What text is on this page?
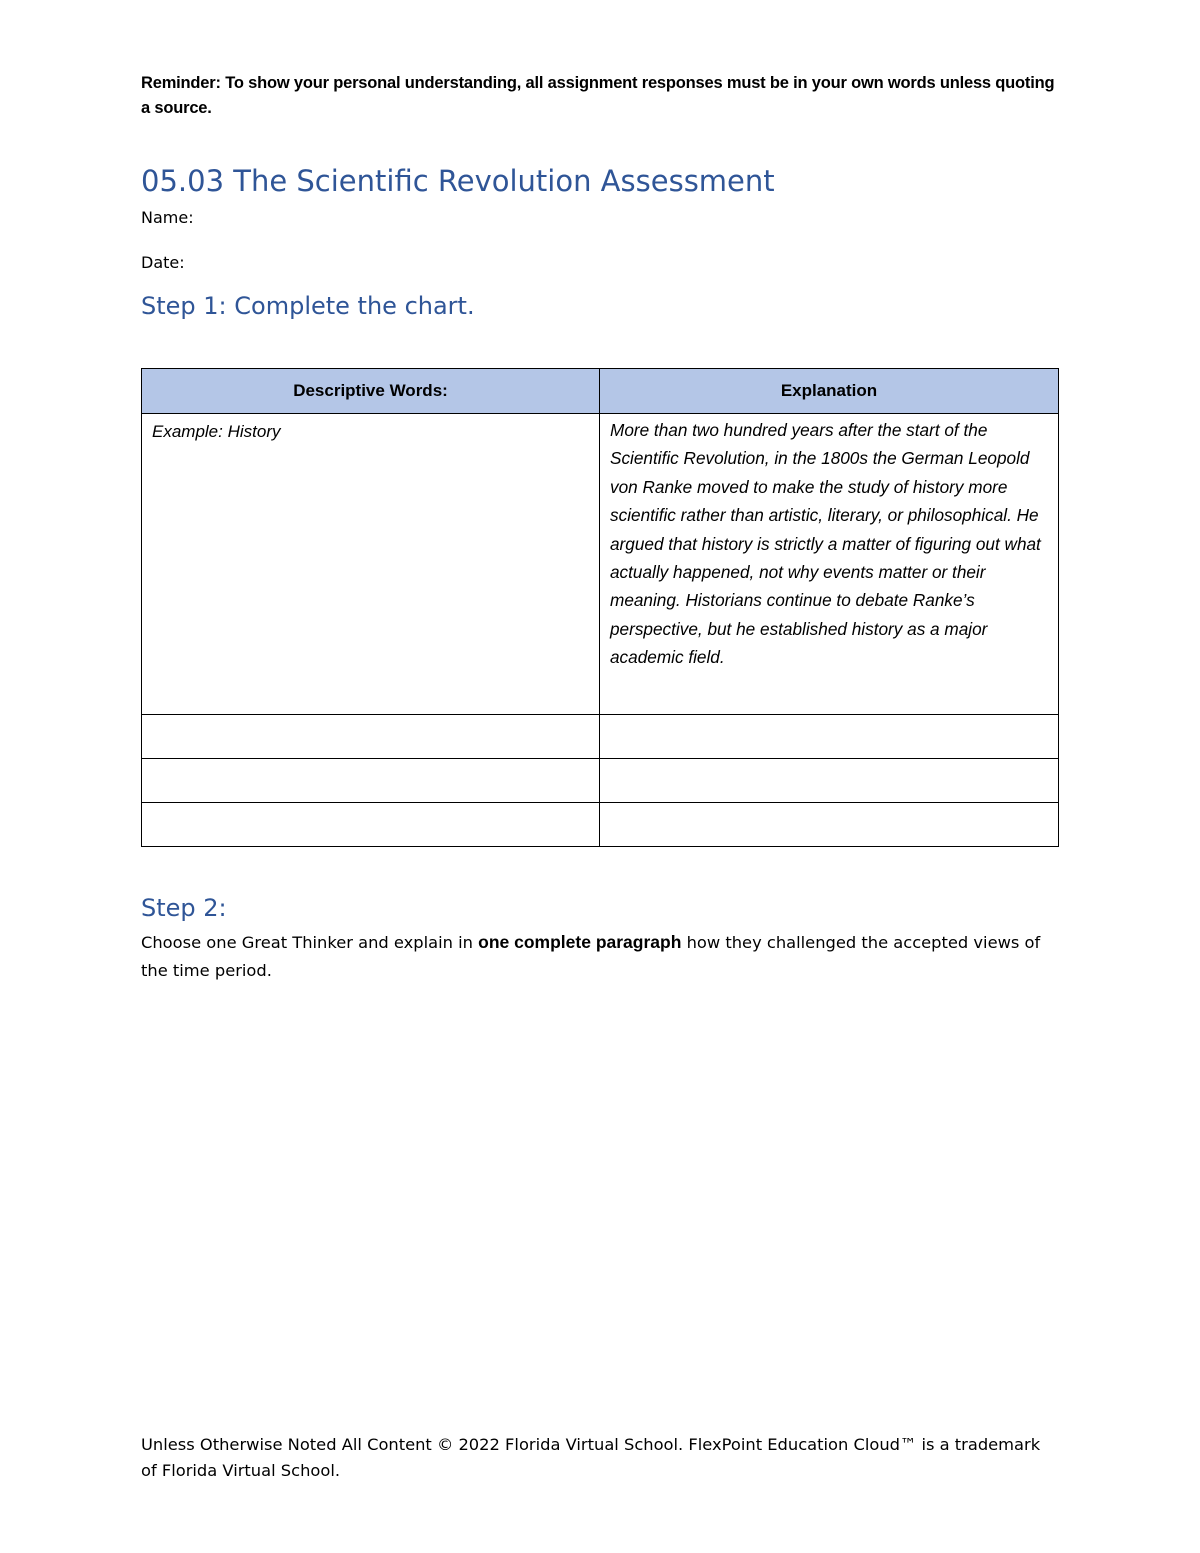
Reminder: To show your personal understanding, all assignment responses must be in your own words unless quoting a source.
05.03 The Scientific Revolution Assessment
Name:
Date:
Step 1: Complete the chart.
Descriptive Words:	Explanation

Example: History	More than two hundred years after the start of the Scientific Revolution, in the 1800s the German Leopold von Ranke moved to make the study of history more scientific rather than artistic, literary, or philosophical. He argued that history is strictly a matter of figuring out what actually happened, not why events matter or their meaning. Historians continue to debate Ranke’s perspective, but he established history as a major academic field.

Step 2:
Choose one Great Thinker and explain in one complete paragraph how they challenged the accepted views of the time period.
Unless Otherwise Noted All Content © 2022 Florida Virtual School. FlexPoint Education Cloud™ is a trademark of Florida Virtual School.
